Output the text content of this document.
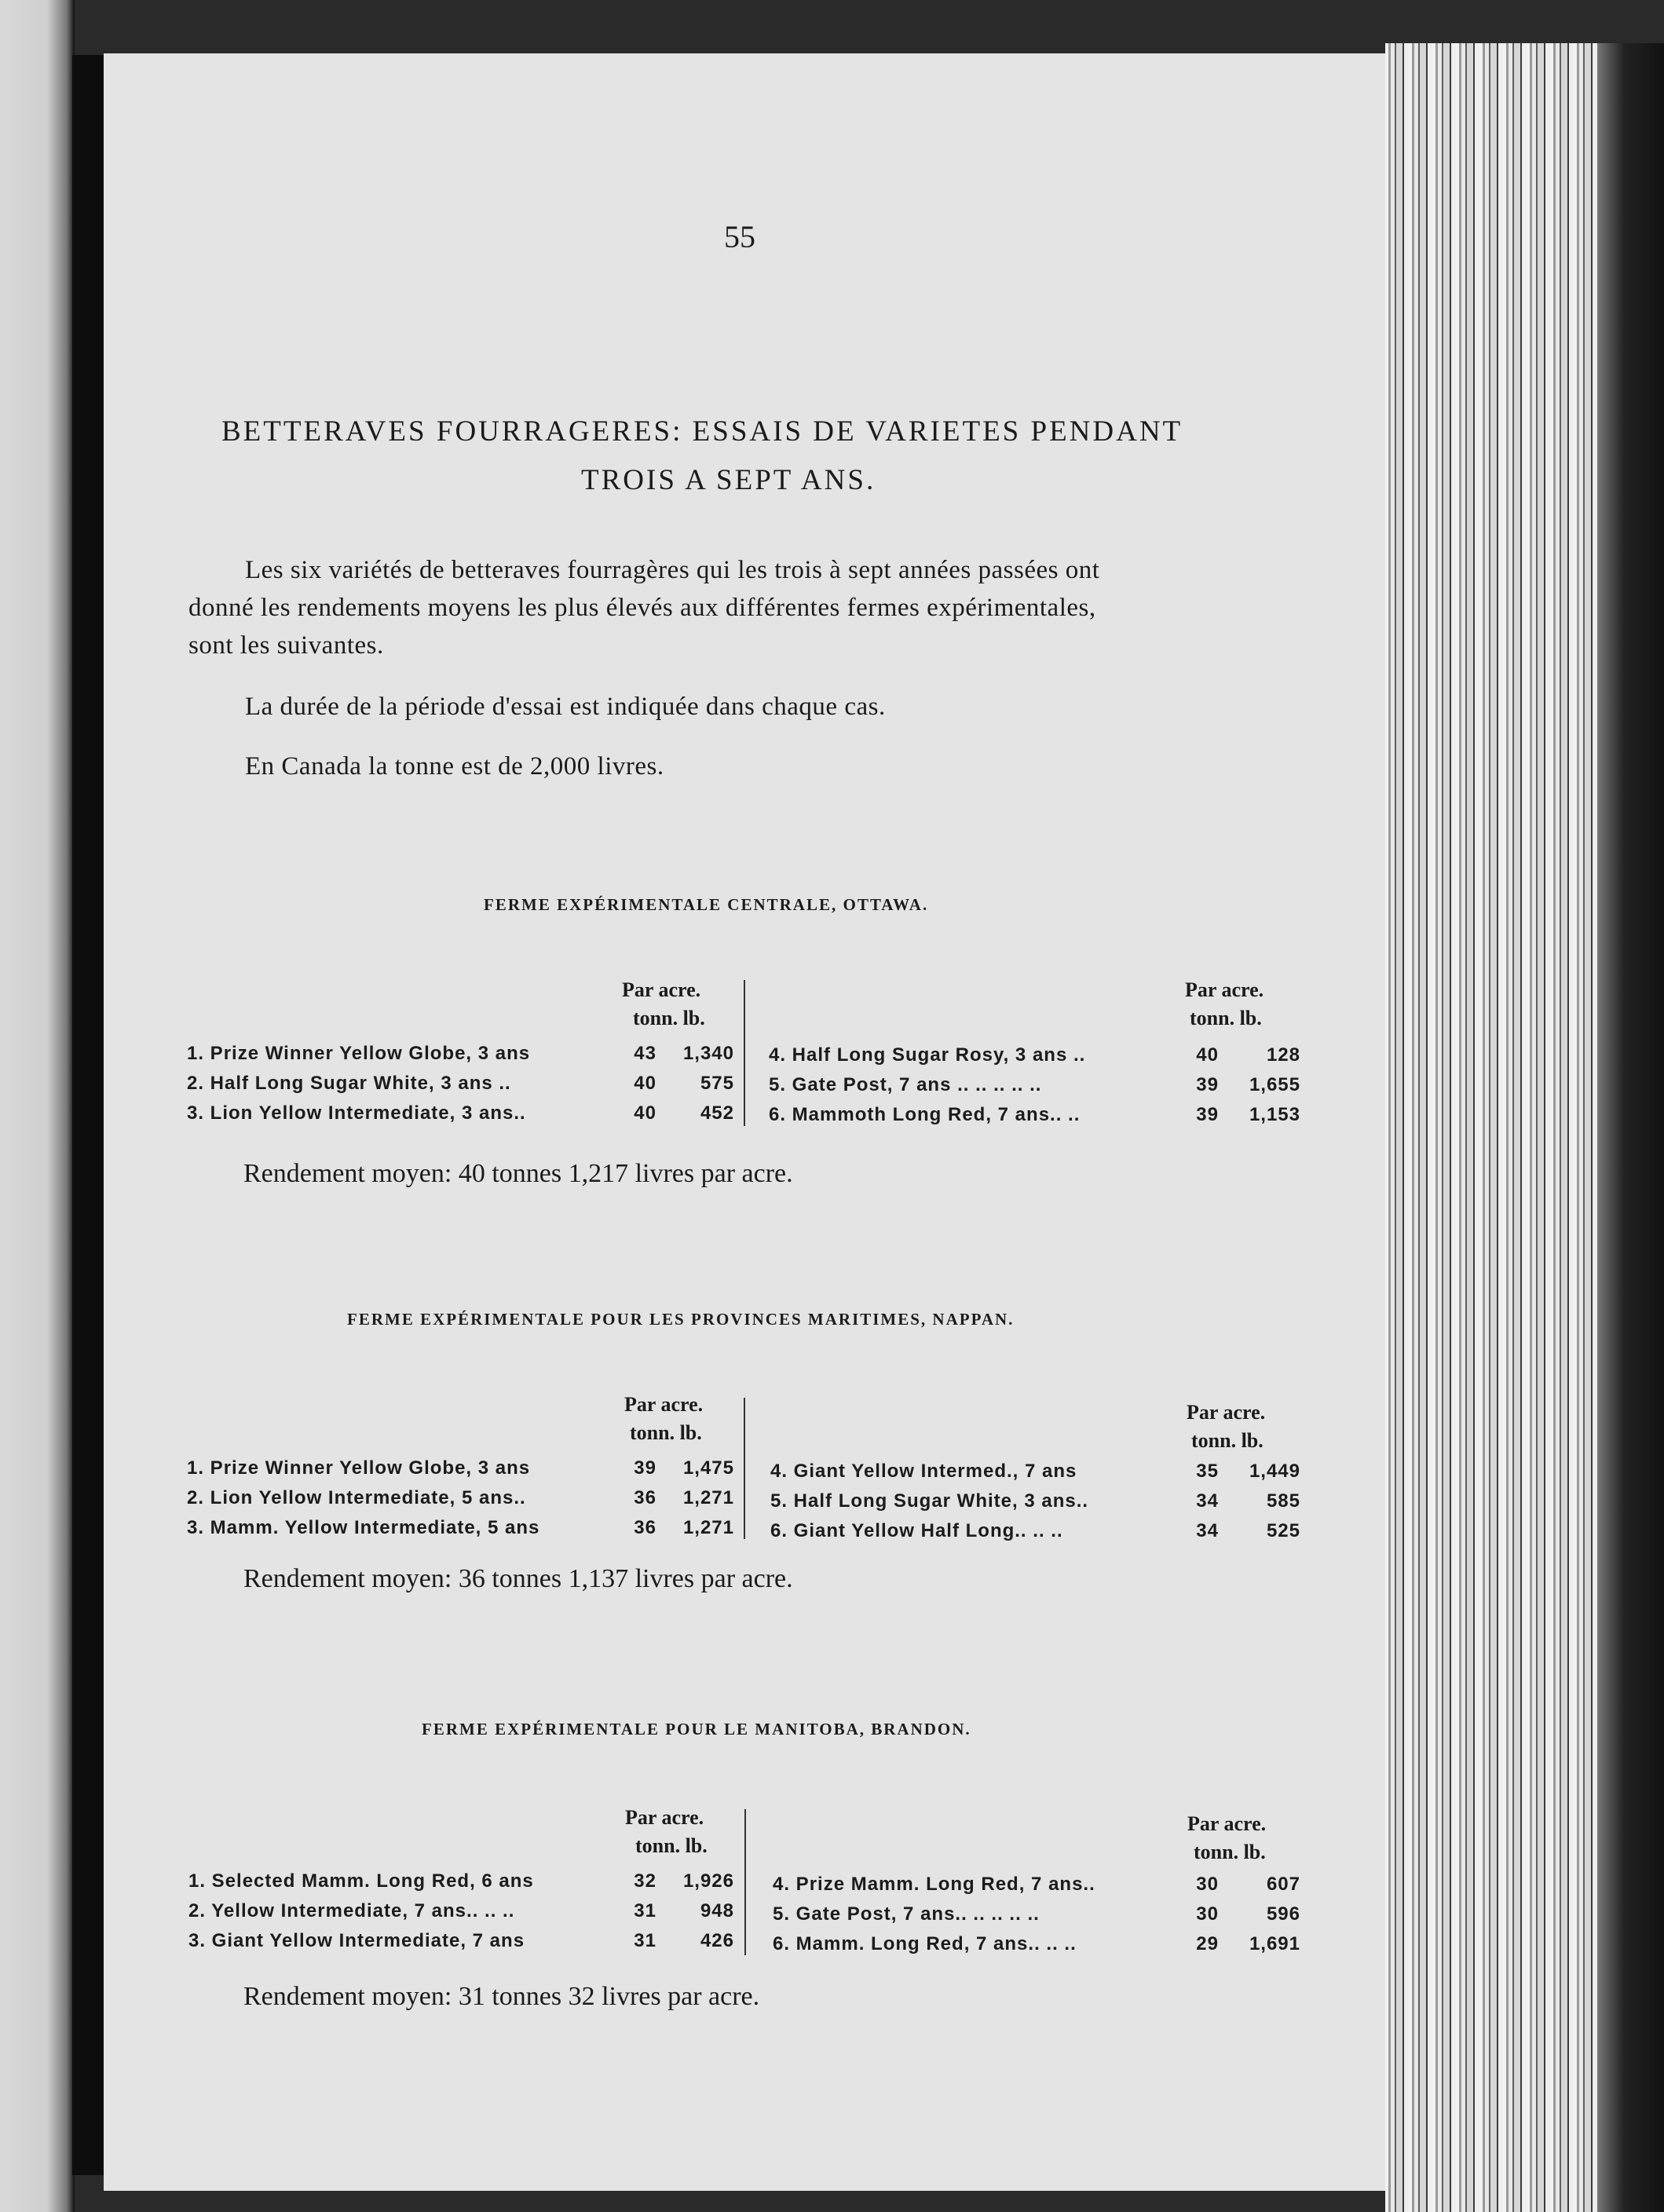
55
BETTERAVES FOURRAGERES: ESSAIS DE VARIETES PENDANT
TROIS A SEPT ANS.
Les six variétés de betteraves fourragères qui les trois à sept années passées ont
donné les rendements moyens les plus élevés aux différentes fermes expérimentales,
sont les suivantes.
La durée de la période d'essai est indiquée dans chaque cas.
En Canada la tonne est de 2,000 livres.
FERME EXPÉRIMENTALE CENTRALE, OTTAWA.
Par acre.
tonn. lb.
Par acre.
tonn. lb.
1. Prize Winner Yellow Globe, 3 ans	43	1,340
2. Half Long Sugar White, 3 ans ..	40	575
3. Lion Yellow Intermediate, 3 ans..	40	452
4. Half Long Sugar Rosy, 3 ans ..	40	128
5. Gate Post, 7 ans .. .. .. .. ..	39	1,655
6. Mammoth Long Red, 7 ans.. ..	39	1,153
Rendement moyen: 40 tonnes 1,217 livres par acre.
FERME EXPÉRIMENTALE POUR LES PROVINCES MARITIMES, NAPPAN.
Par acre.
tonn. lb.
Par acre.
tonn. lb.
1. Prize Winner Yellow Globe, 3 ans	39	1,475
2. Lion Yellow Intermediate, 5 ans..	36	1,271
3. Mamm. Yellow Intermediate, 5 ans	36	1,271
4. Giant Yellow Intermed., 7 ans	35	1,449
5. Half Long Sugar White, 3 ans..	34	585
6. Giant Yellow Half Long.. .. ..	34	525
Rendement moyen: 36 tonnes 1,137 livres par acre.
FERME EXPÉRIMENTALE POUR LE MANITOBA, BRANDON.
Par acre.
tonn. lb.
Par acre.
tonn. lb.
1. Selected Mamm. Long Red, 6 ans	32	1,926
2. Yellow Intermediate, 7 ans.. .. ..	31	948
3. Giant Yellow Intermediate, 7 ans	31	426
4. Prize Mamm. Long Red, 7 ans..	30	607
5. Gate Post, 7 ans.. .. .. .. ..	30	596
6. Mamm. Long Red, 7 ans.. .. ..	29	1,691
Rendement moyen: 31 tonnes 32 livres par acre.
